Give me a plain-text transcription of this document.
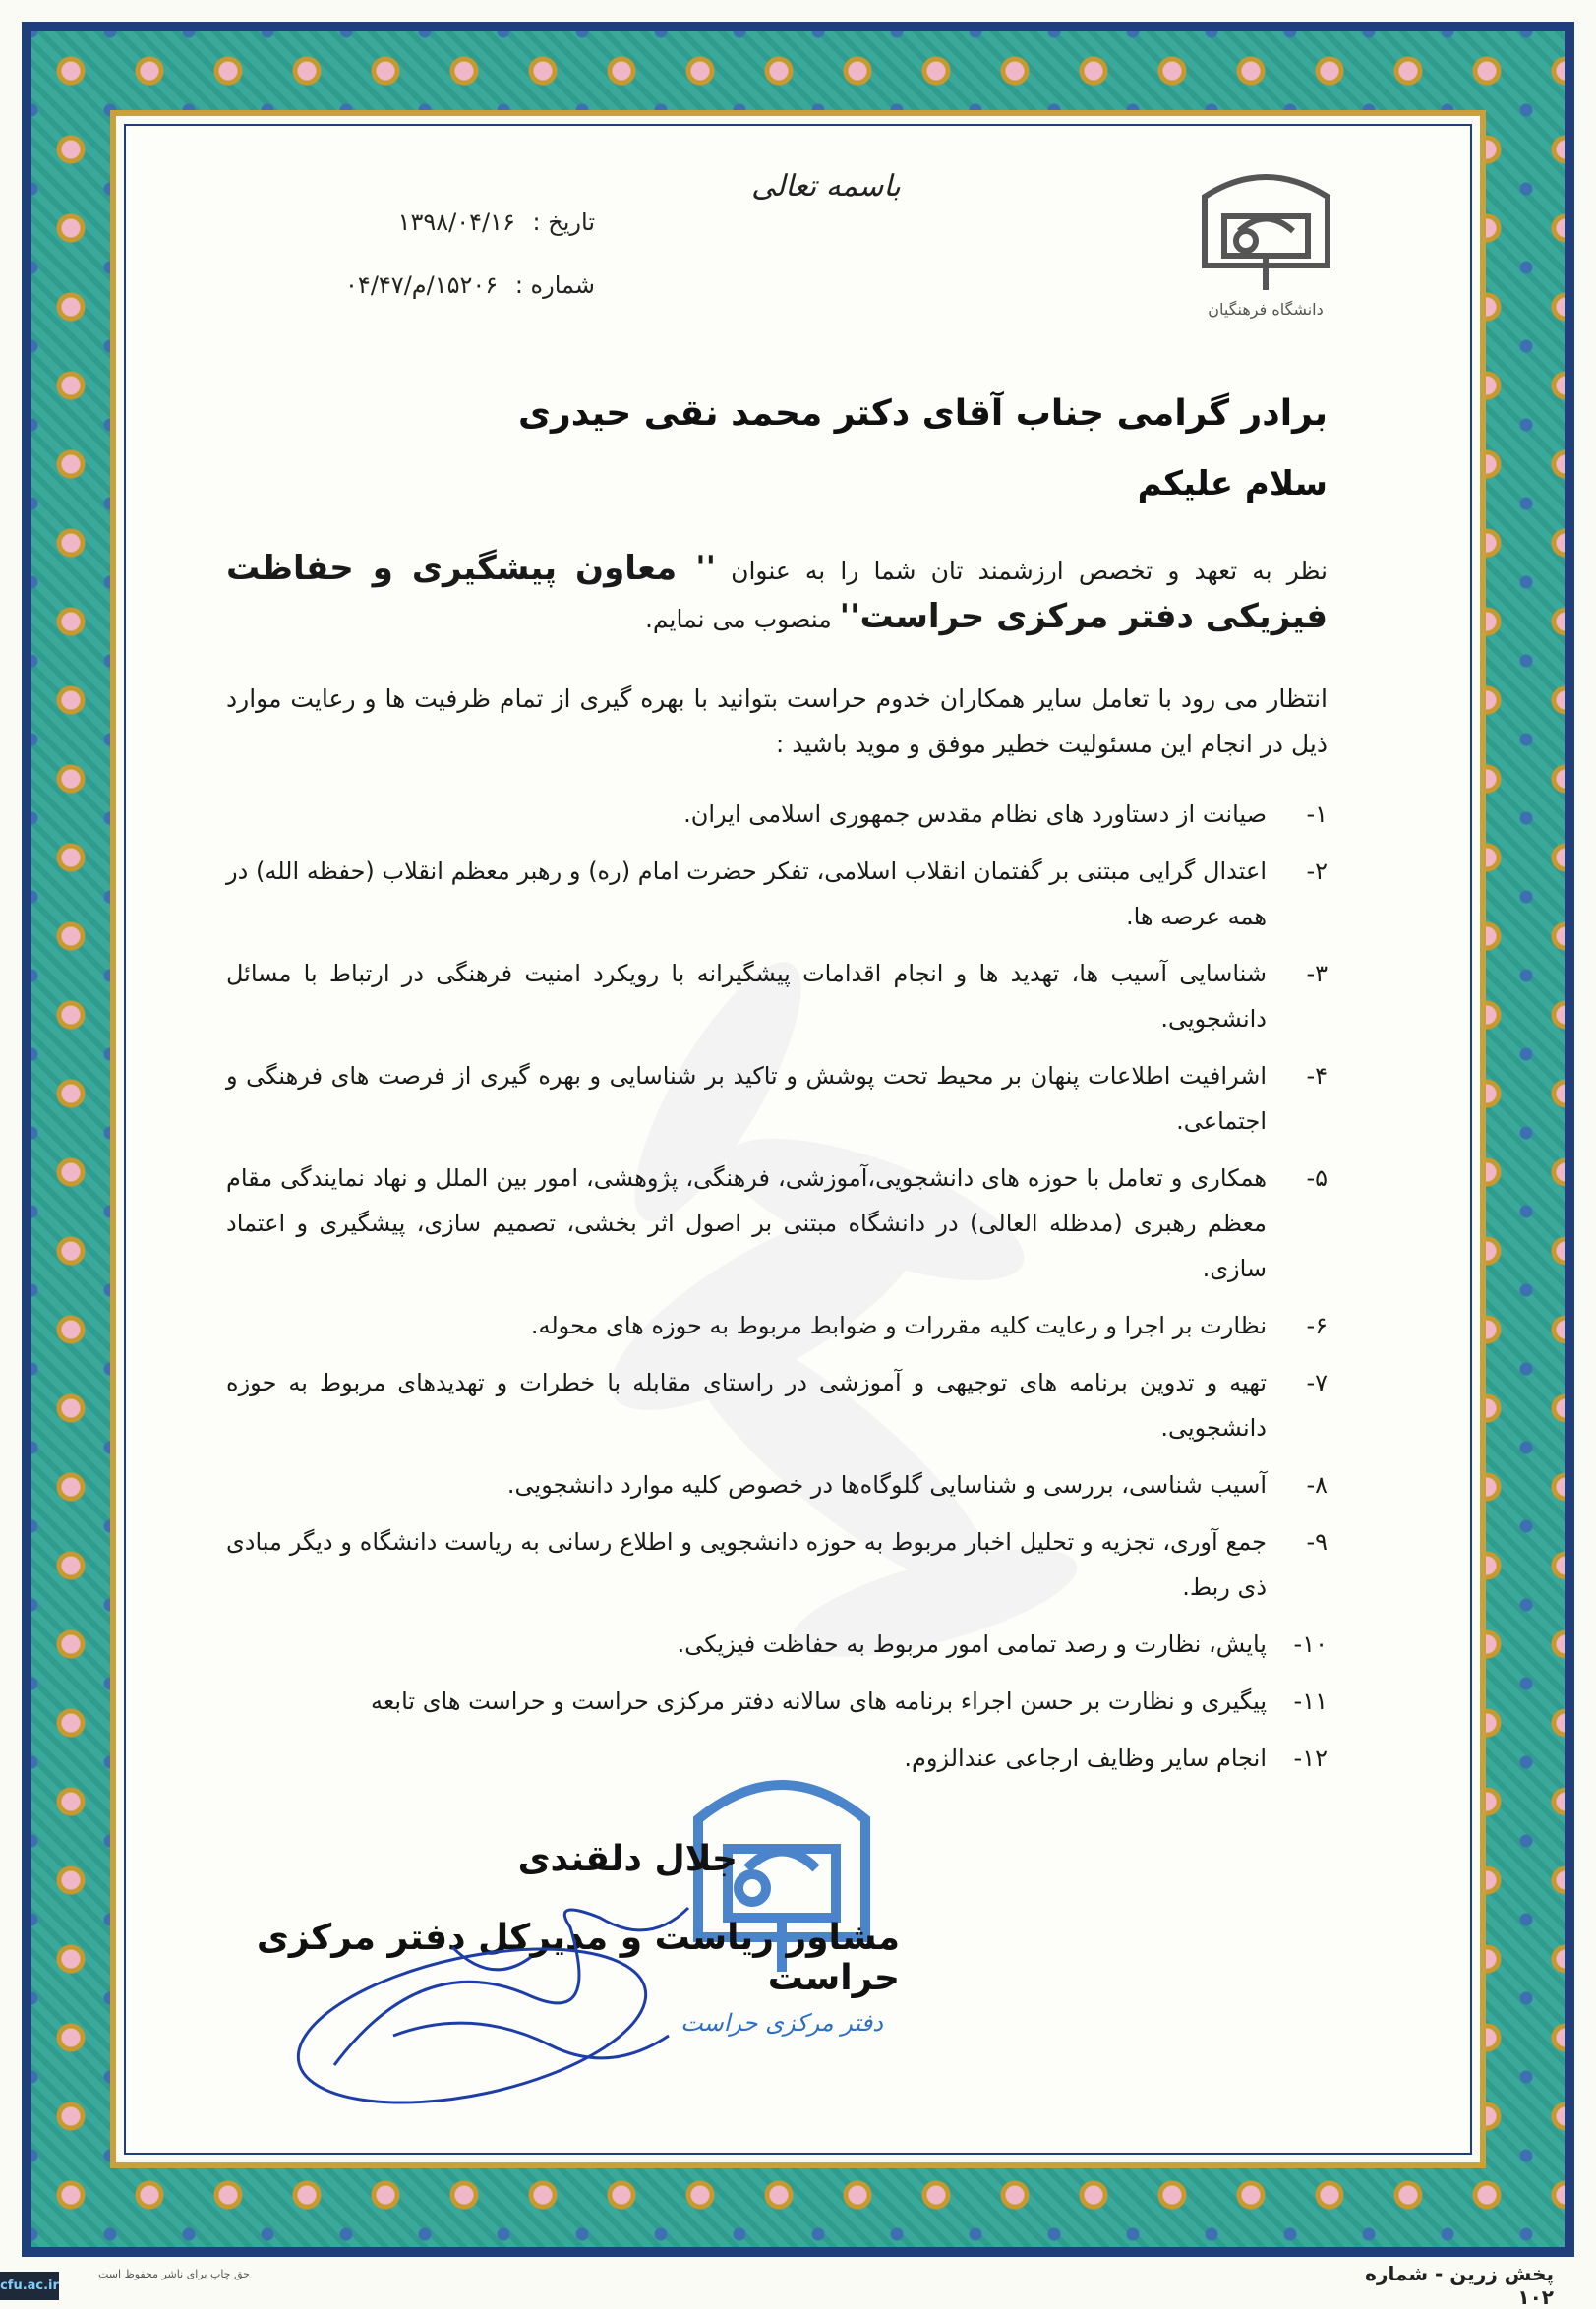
دانشگاه فرهنگیان
باسمه تعالی
تاریخ : ۱۳۹۸/۰۴/۱۶
شماره : ۱۵۲۰۶/م/۰۴/۴۷
برادر گرامی جناب آقای دکتر محمد نقی حیدری
سلام علیکم
نظر به تعهد و تخصص ارزشمند تان شما را به عنوان '' معاون پیشگیری و حفاظت فیزیکی دفتر مرکزی حراست'' منصوب می نمایم.
انتظار می رود با تعامل سایر همکاران خدوم حراست بتوانید با بهره گیری از تمام ظرفیت ها و رعایت موارد ذیل در انجام این مسئولیت خطیر موفق و موید باشید :
۱-
صیانت از دستاورد های نظام مقدس جمهوری اسلامی ایران.
۲-
اعتدال گرایی مبتنی بر گفتمان انقلاب اسلامی، تفکر حضرت امام (ره) و رهبر معظم انقلاب (حفظه الله) در همه عرصه ها.
۳-
شناسایی آسیب ها، تهدید ها و انجام اقدامات پیشگیرانه با رویکرد امنیت فرهنگی در ارتباط با مسائل دانشجویی.
۴-
اشرافیت اطلاعات پنهان بر محیط تحت پوشش و تاکید بر شناسایی و بهره گیری از فرصت های فرهنگی و اجتماعی.
۵-
همکاری و تعامل با حوزه های دانشجویی،آموزشی، فرهنگی، پژوهشی، امور بین الملل و نهاد نمایندگی مقام معظم رهبری (مدظله العالی) در دانشگاه مبتنی بر اصول اثر بخشی، تصمیم سازی، پیشگیری و اعتماد سازی.
۶-
نظارت بر اجرا و رعایت کلیه مقررات و ضوابط مربوط به حوزه های محوله.
۷-
تهیه و تدوین برنامه های توجیهی و آموزشی در راستای مقابله با خطرات و تهدیدهای مربوط به حوزه دانشجویی.
۸-
آسیب شناسی، بررسی و شناسایی گلوگاه‌ها در خصوص کلیه موارد دانشجویی.
۹-
جمع آوری، تجزیه و تحلیل اخبار مربوط به حوزه دانشجویی و اطلاع رسانی به ریاست دانشگاه و دیگر مبادی ذی ربط.
۱۰-
پایش، نظارت و رصد تمامی امور مربوط به حفاظت فیزیکی.
۱۱-
پیگیری و نظارت بر حسن اجراء برنامه های سالانه دفتر مرکزی حراست و حراست های تابعه
۱۲-
انجام سایر وظایف ارجاعی عندالزوم.
دفتر مرکزی حراست
جلال دلقندی
مشاور ریاست و مدیرکل دفتر مرکزی حراست
پخش زرین - شماره ۱۰۲
حق چاپ برای ناشر محفوظ است
cfu.ac.ir
